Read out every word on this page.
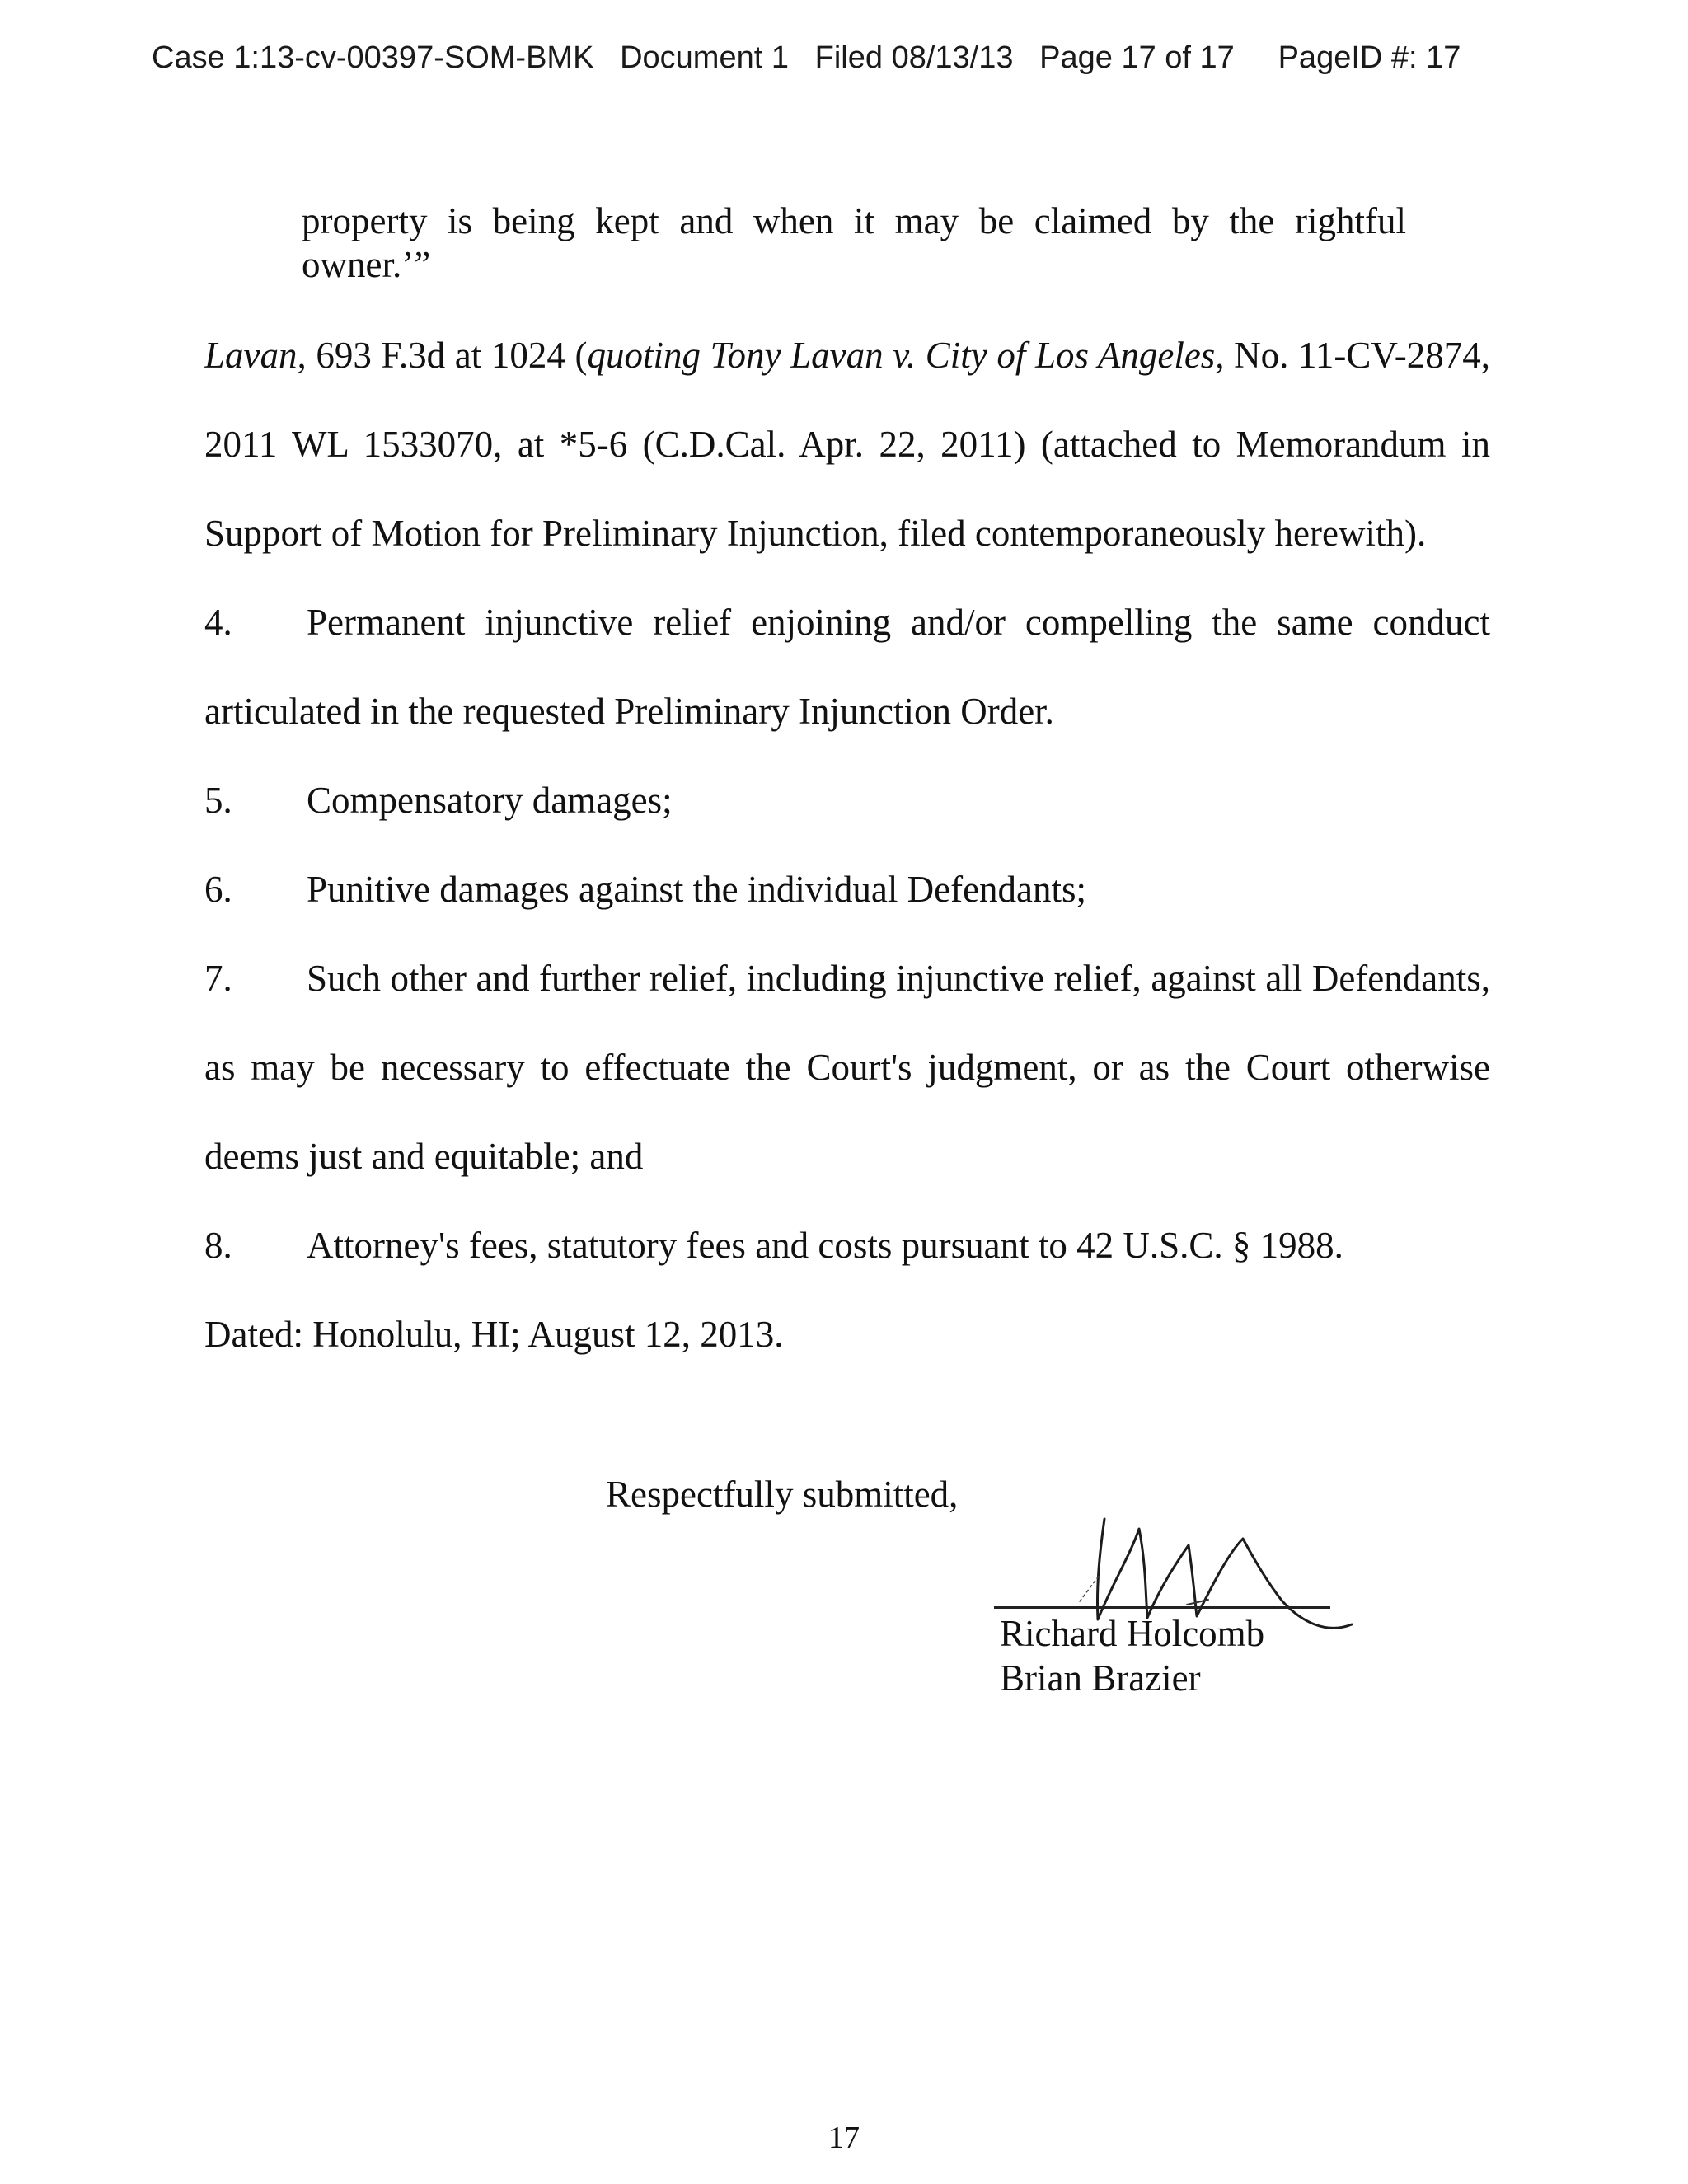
Case 1:13-cv-00397-SOM-BMK   Document 1   Filed 08/13/13   Page 17 of 17     PageID #: 17
property is being kept and when it may be claimed by the rightful owner.’”

Lavan, 693 F.3d at 1024 (quoting Tony Lavan v. City of Los Angeles, No. 11-CV-2874, 2011 WL 1533070, at *5-6 (C.D.Cal. Apr. 22, 2011) (attached to Memorandum in Support of Motion for Preliminary Injunction, filed contemporaneously herewith).

4. Permanent injunctive relief enjoining and/or compelling the same conduct articulated in the requested Preliminary Injunction Order.

5. Compensatory damages;

6. Punitive damages against the individual Defendants;

7. Such other and further relief, including injunctive relief, against all Defendants, as may be necessary to effectuate the Court's judgment, or as the Court otherwise deems just and equitable; and

8. Attorney's fees, statutory fees and costs pursuant to 42 U.S.C. § 1988.

Dated: Honolulu, HI; August 12, 2013.

Respectfully submitted,
Richard Holcomb
Brian Brazier
17
